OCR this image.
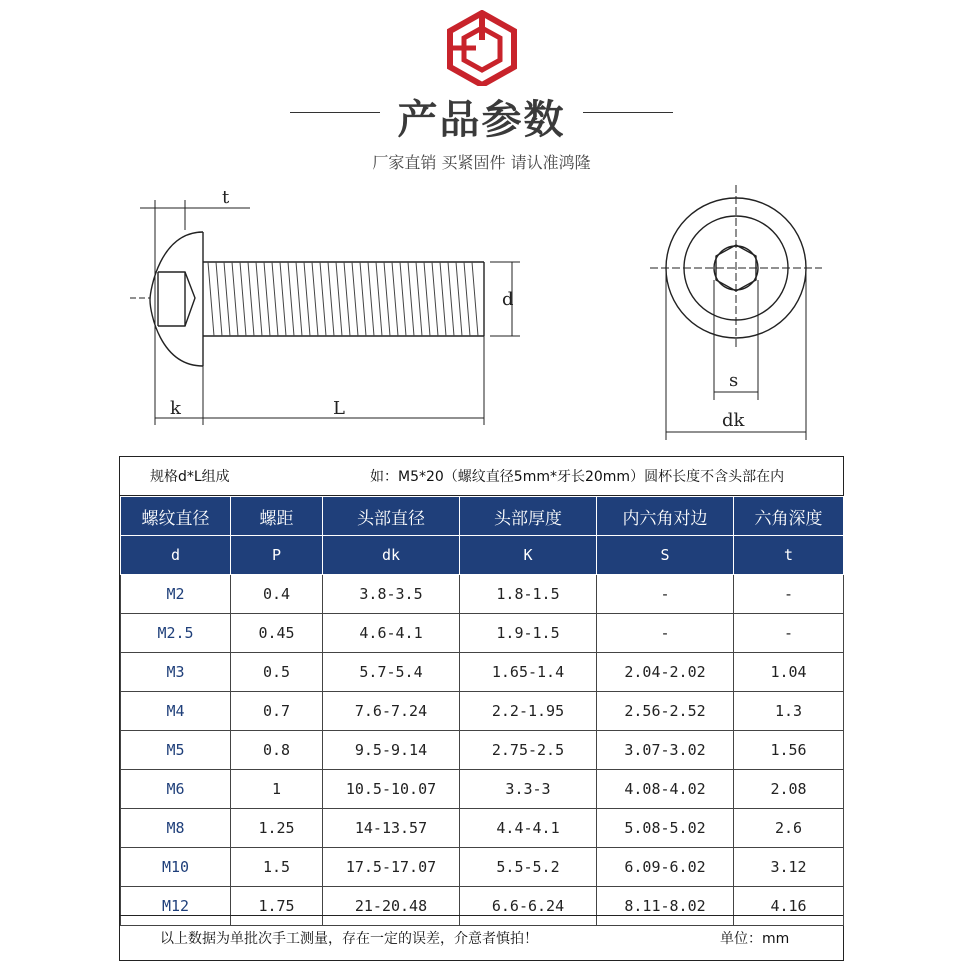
产品参数
厂家直销 买紧固件 请认准鸿隆
t
d
k	L
s
dk
规格d*L组成	如：M5*20（螺纹直径5mm*牙长20mm）圆杯长度不含头部在内
螺纹直径	螺距	头部直径	头部厚度	内六角对边	六角深度
d	P	dk	K	S	t
M2	0.4	3.8-3.5	1.8-1.5	-	-
M2.5	0.45	4.6-4.1	1.9-1.5	-	-
M3	0.5	5.7-5.4	1.65-1.4	2.04-2.02	1.04
M4	0.7	7.6-7.24	2.2-1.95	2.56-2.52	1.3
M5	0.8	9.5-9.14	2.75-2.5	3.07-3.02	1.56
M6	1	10.5-10.07	3.3-3	4.08-4.02	2.08
M8	1.25	14-13.57	4.4-4.1	5.08-5.02	2.6
M10	1.5	17.5-17.07	5.5-5.2	6.09-6.02	3.12
M12	1.75	21-20.48	6.6-6.24	8.11-8.02	4.16
以上数据为单批次手工测量，存在一定的误差，介意者慎拍！	单位：mm
